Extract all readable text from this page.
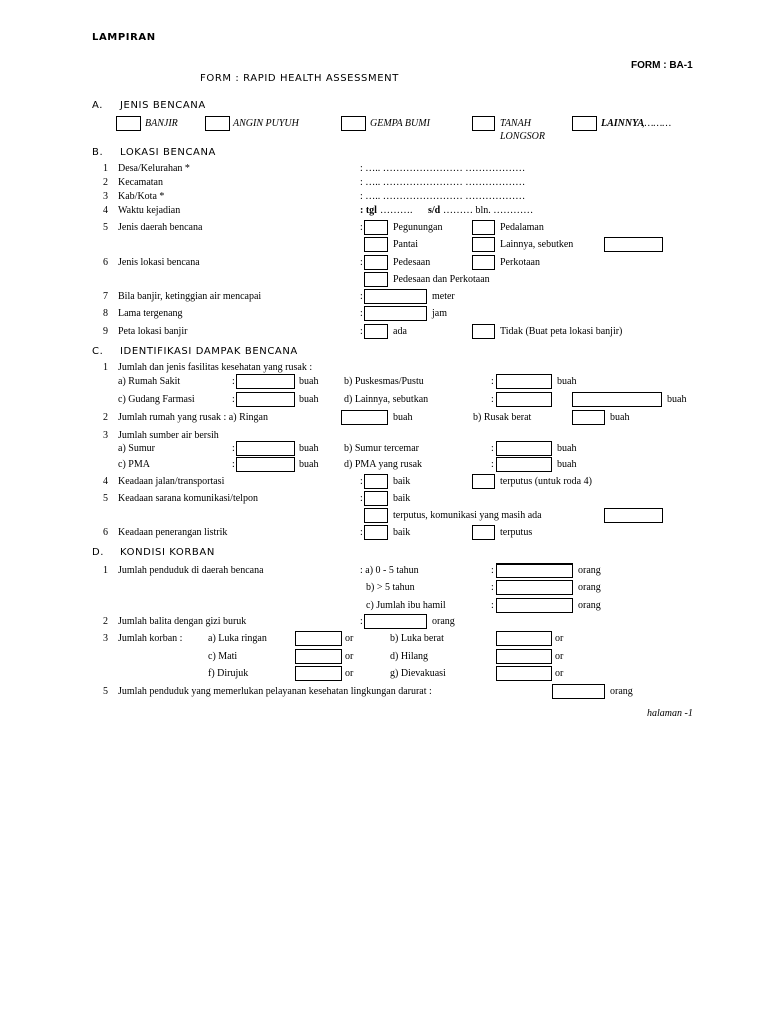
LAMPIRAN
FORM : BA-1
FORM : RAPID HEALTH ASSESSMENT
A. JENIS BENCANA
BANJIR	ANGIN PUYUH	GEMPA BUMI	TANAH
LONGSOR
LAINNYA
,………
B. LOKASI BENCANA
1 Desa/Kelurahan *	: ….. …………………… ………………
2 Kecamatan	: ….. …………………… ………………
3 Kab/Kota *	: ….. …………………… ………………
4 Waktu kejadian	: tgl ………. s/d ……… bln. …………
5 Jenis daerah bencana	:	Pegunungan	Pedalaman
Pantai	Lainnya, sebutken
6 Jenis lokasi bencana	:	Pedesaan	Perkotaan
Pedesaan dan Perkotaan
7 Bila banjir, ketinggian air mencapai	:	meter
8 Lama tergenang	:	jam
9 Peta lokasi banjir	:	ada	Tidak (Buat peta lokasi banjir)
C. IDENTIFIKASI DAMPAK BENCANA
1 Jumlah dan jenis fasilitas kesehatan yang rusak :
a) Rumah Sakit	:	buah	b) Puskesmas/Pustu	:	buah
c) Gudang Farmasi	:	buah	d) Lainnya, sebutkan	:	buah
2 Jumlah rumah yang rusak : a) Ringan	buah	b) Rusak berat	buah
3 Jumlah sumber air bersih
a) Sumur	:	buah	b) Sumur tercemar	:	buah
c) PMA	:	buah	d) PMA yang rusak	:	buah
4 Keadaan jalan/transportasi	:	baik	terputus (untuk roda 4)
5 Keadaan sarana komunikasi/telpon	:	baik
terputus, komunikasi yang masih ada
6 Keadaan penerangan listrik	:	baik	terputus
D. KONDISI KORBAN
1 Jumlah penduduk di daerah bencana	: a) 0 - 5 tahun	:	orang
b) > 5 tahun	:	orang
c) Jumlah ibu hamil	:	orang
2 Jumlah balita dengan gizi buruk	:	orang
3 Jumlah korban :	a) Luka ringan	or	b) Luka berat	or
c) Mati	or	d) Hilang	or
f) Dirujuk	or	g) Dievakuasi	or
5 Jumlah penduduk yang memerlukan pelayanan kesehatan lingkungan darurat :	orang
halaman -1
